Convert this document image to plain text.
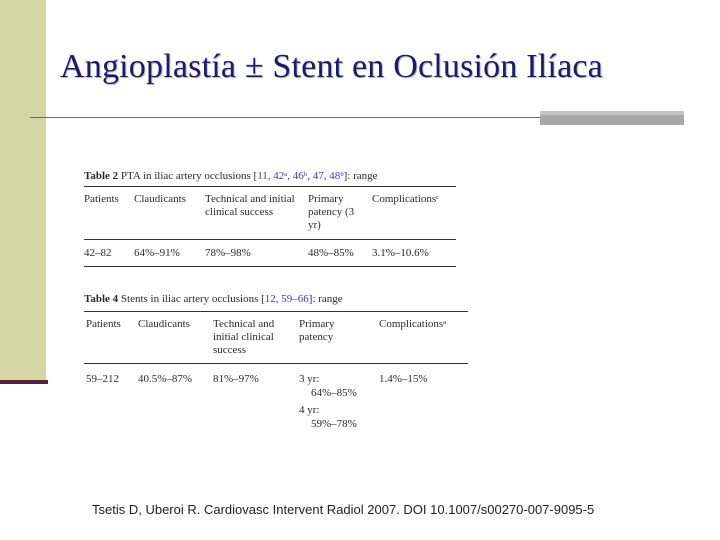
Angioplastía ± Stent en Oclusión Ilíaca
Table 2 PTA in iliac artery occlusions [11, 42ᵃ, 46ᵇ, 47, 48ᵇ]: range
Patients Claudicants Technical and initial clinical success
Primary patency (3 yr)
Complicationsᶜ
42–82 64%–91% 78%–98%	48%–85% 3.1%–10.6%
Table 4 Stents in iliac artery occlusions [12, 59–66]: range
Patients Claudicants Technical and initial clinical success
Primary patency
Complicationsᵃ
59–212 40.5%–87% 81%–97%	3 yr:
64%–85%
4 yr:
59%–78%
1.4%–15%
Tsetis D, Uberoi R. Cardiovasc Intervent Radiol 2007. DOI 10.1007/s00270-007-9095-5
